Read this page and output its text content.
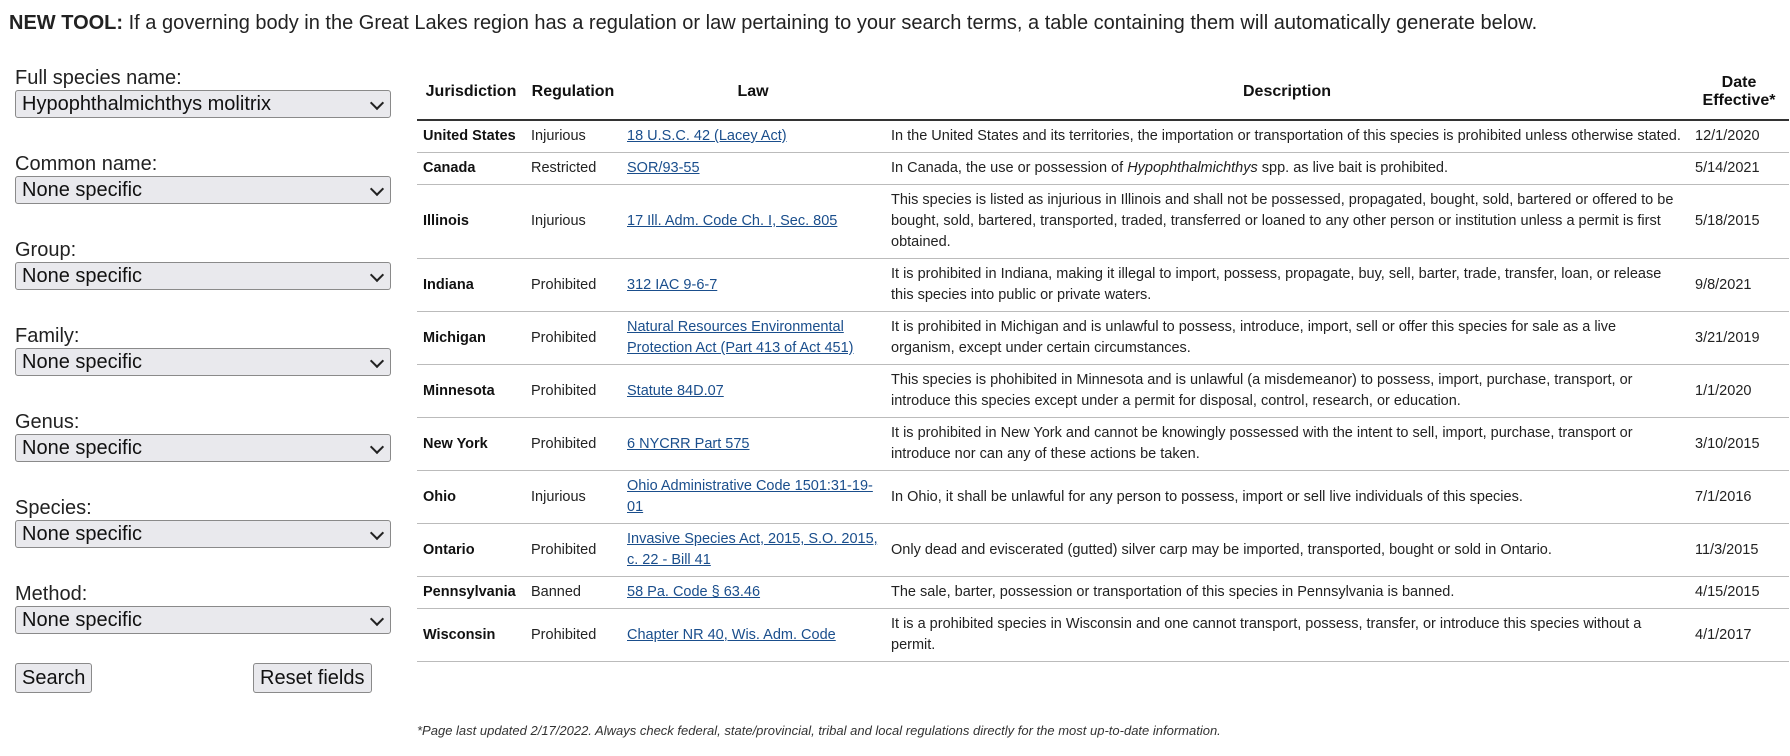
NEW TOOL: If a governing body in the Great Lakes region has a regulation or law pertaining to your search terms, a table containing them will automatically generate below.
Full species name:
Hypophthalmichthys molitrix
Common name:
None specific
Group:
None specific
Family:
None specific
Genus:
None specific
Species:
None specific
Method:
None specific
Search	Reset fields
Jurisdiction	Regulation	Law	Description	Date Effective*
United States	Injurious	18 U.S.C. 42 (Lacey Act)	In the United States and its territories, the importation or transportation of this species is prohibited unless otherwise stated.	12/1/2020
Canada	Restricted	SOR/93-55	In Canada, the use or possession of Hypophthalmichthys spp. as live bait is prohibited.	5/14/2021
Illinois	Injurious	17 Ill. Adm. Code Ch. I, Sec. 805	This species is listed as injurious in Illinois and shall not be possessed, propagated, bought, sold, bartered or offered to be bought, sold, bartered, transported, traded, transferred or loaned to any other person or institution unless a permit is first obtained.	5/18/2015
Indiana	Prohibited	312 IAC 9-6-7	It is prohibited in Indiana, making it illegal to import, possess, propagate, buy, sell, barter, trade, transfer, loan, or release this species into public or private waters.	9/8/2021
Michigan	Prohibited	Natural Resources Environmental Protection Act (Part 413 of Act 451)	It is prohibited in Michigan and is unlawful to possess, introduce, import, sell or offer this species for sale as a live organism, except under certain circumstances.	3/21/2019
Minnesota	Prohibited	Statute 84D.07	This species is phohibited in Minnesota and is unlawful (a misdemeanor) to possess, import, purchase, transport, or introduce this species except under a permit for disposal, control, research, or education.	1/1/2020
New York	Prohibited	6 NYCRR Part 575	It is prohibited in New York and cannot be knowingly possessed with the intent to sell, import, purchase, transport or introduce nor can any of these actions be taken.	3/10/2015
Ohio	Injurious	Ohio Administrative Code 1501:31-19-01	In Ohio, it shall be unlawful for any person to possess, import or sell live individuals of this species.	7/1/2016
Ontario	Prohibited	Invasive Species Act, 2015, S.O. 2015, c. 22 - Bill 41	Only dead and eviscerated (gutted) silver carp may be imported, transported, bought or sold in Ontario.	11/3/2015
Pennsylvania	Banned	58 Pa. Code § 63.46	The sale, barter, possession or transportation of this species in Pennsylvania is banned.	4/15/2015
Wisconsin	Prohibited	Chapter NR 40, Wis. Adm. Code	It is a prohibited species in Wisconsin and one cannot transport, possess, transfer, or introduce this species without a permit.	4/1/2017
*Page last updated 2/17/2022. Always check federal, state/provincial, tribal and local regulations directly for the most up-to-date information.
